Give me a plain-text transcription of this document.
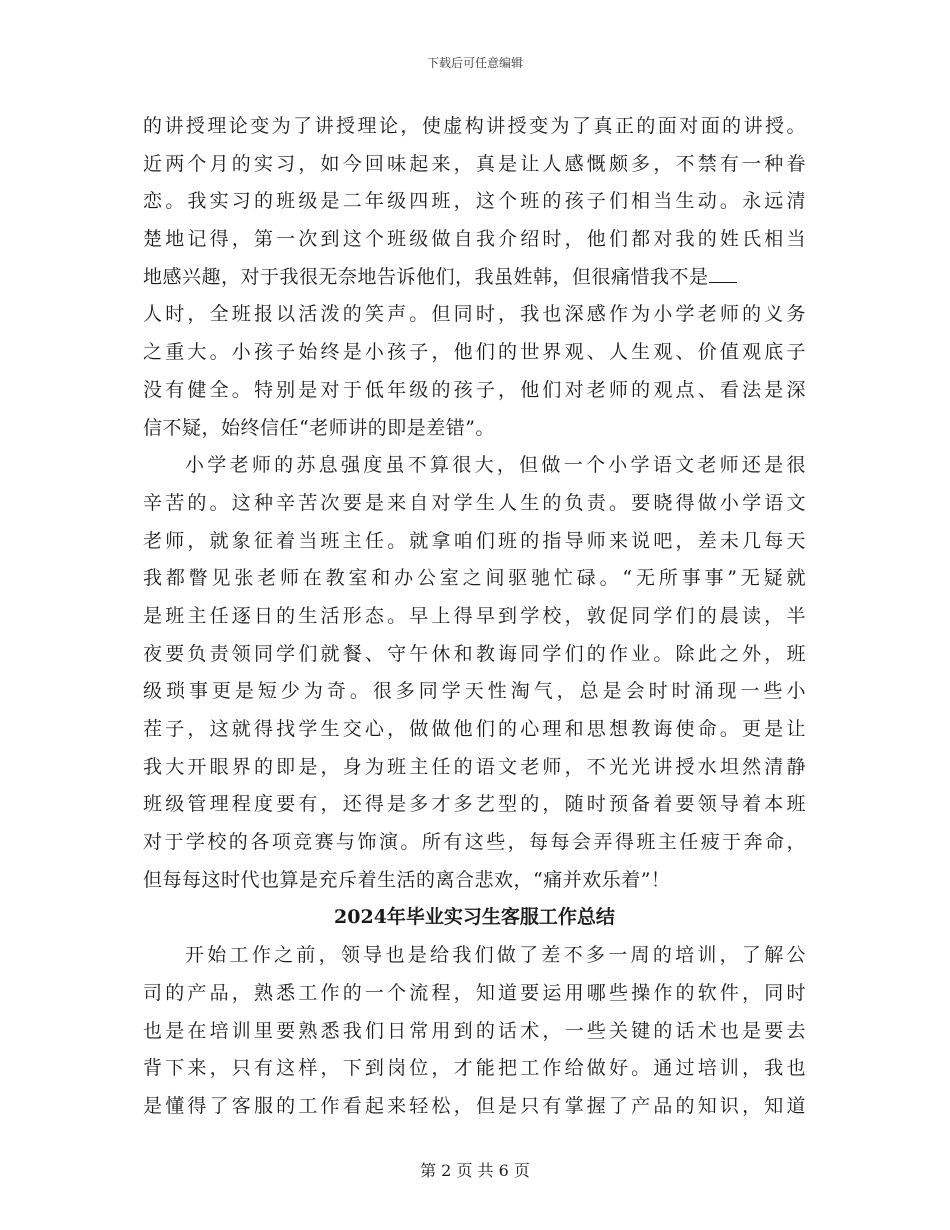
下载后可任意编辑
的讲授理论变为了讲授理论，使虚构讲授变为了真正的面对面的讲授。
近两个月的实习，如今回味起来，真是让人感慨颇多，不禁有一种眷
恋。我实习的班级是二年级四班，这个班的孩子们相当生动。永远清
楚地记得，第一次到这个班级做自我介绍时，他们都对我的姓氏相当
地感兴趣，对于我很无奈地告诉他们，我虽姓韩，但很痛惜我不是
人时，全班报以活泼的笑声。但同时，我也深感作为小学老师的义务
之重大。小孩子始终是小孩子，他们的世界观、人生观、价值观底子
没有健全。特别是对于低年级的孩子，他们对老师的观点、看法是深
信不疑，始终信任“老师讲的即是差错”。
小学老师的苏息强度虽不算很大，但做一个小学语文老师还是很
辛苦的。这种辛苦次要是来自对学生人生的负责。要晓得做小学语文
老师，就象征着当班主任。就拿咱们班的指导师来说吧，差未几每天
我都瞥见张老师在教室和办公室之间驱驰忙碌。“无所事事”无疑就
是班主任逐日的生活形态。早上得早到学校，敦促同学们的晨读，半
夜要负责领同学们就餐、守午休和教诲同学们的作业。除此之外，班
级琐事更是短少为奇。很多同学天性淘气，总是会时时涌现一些小
茬子，这就得找学生交心，做做他们的心理和思想教诲使命。更是让
我大开眼界的即是，身为班主任的语文老师，不光光讲授水坦然清静
班级管理程度要有，还得是多才多艺型的，随时预备着要领导着本班
对于学校的各项竞赛与饰演。所有这些，每每会弄得班主任疲于奔命，
但每每这时代也算是充斥着生活的离合悲欢，“痛并欢乐着”！
2024年毕业实习生客服工作总结
开始工作之前，领导也是给我们做了差不多一周的培训，了解公
司的产品，熟悉工作的一个流程，知道要运用哪些操作的软件，同时
也是在培训里要熟悉我们日常用到的话术，一些关键的话术也是要去
背下来，只有这样，下到岗位，才能把工作给做好。通过培训，我也
是懂得了客服的工作看起来轻松，但是只有掌握了产品的知识，知道
第 2 页 共 6 页
